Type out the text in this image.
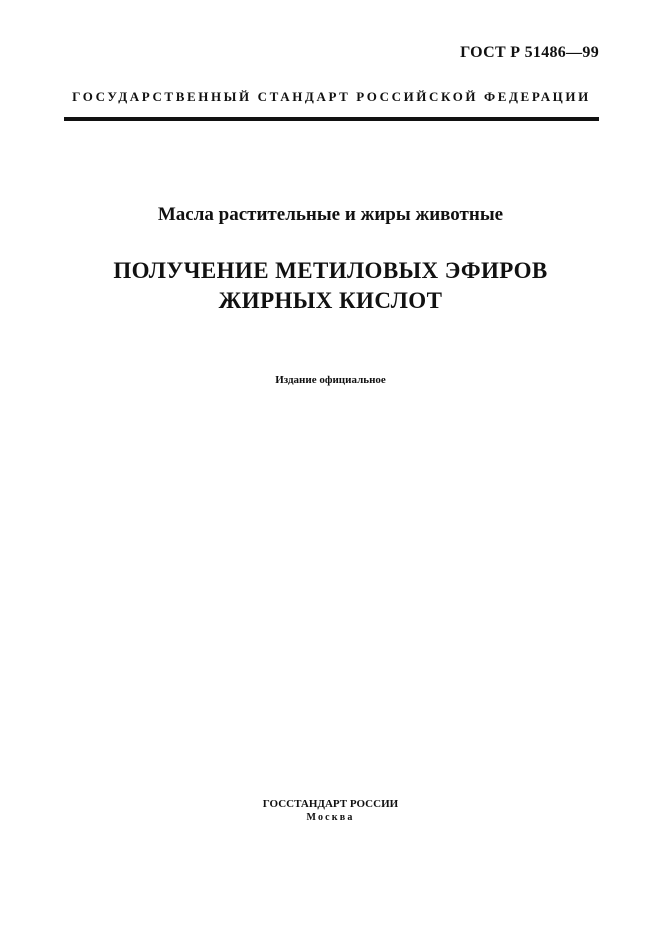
ГОСТ Р 51486—99
ГОСУДАРСТВЕННЫЙ СТАНДАРТ РОССИЙСКОЙ ФЕДЕРАЦИИ
Масла растительные и жиры животные
ПОЛУЧЕНИЕ МЕТИЛОВЫХ ЭФИРОВ
ЖИРНЫХ КИСЛОТ
Издание официальное
ГОССТАНДАРТ РОССИИ
Москва
